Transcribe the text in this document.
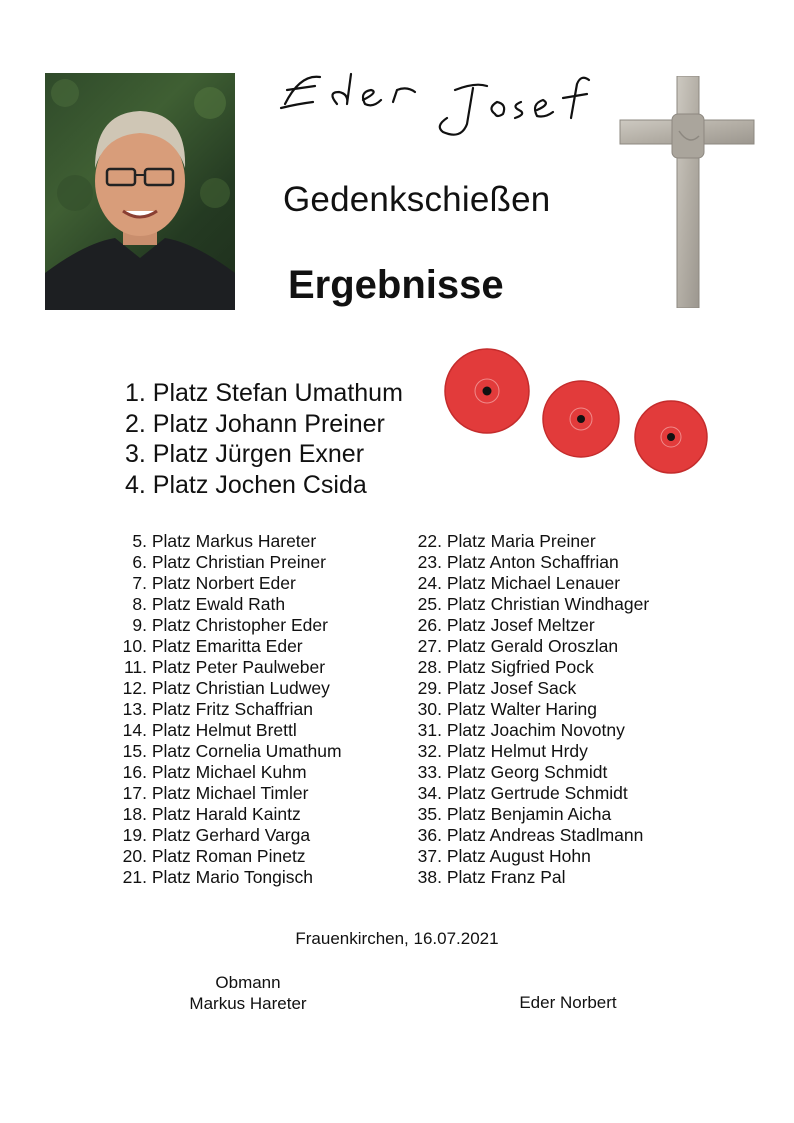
Gedenkschießen
Ergebnisse
1. Platz Stefan Umathum
2. Platz Johann Preiner
3. Platz Jürgen Exner
4. Platz Jochen Csida
5. Platz Markus Hareter
6. Platz Christian Preiner
7. Platz Norbert Eder
8. Platz Ewald Rath
9. Platz Christopher Eder
10. Platz Emaritta Eder
11. Platz Peter Paulweber
12. Platz Christian Ludwey
13. Platz Fritz Schaffrian
14. Platz Helmut Brettl
15. Platz Cornelia Umathum
16. Platz Michael Kuhm
17. Platz Michael Timler
18. Platz Harald Kaintz
19. Platz Gerhard Varga
20. Platz Roman Pinetz
21. Platz Mario Tongisch
22. Platz Maria Preiner
23. Platz Anton Schaffrian
24. Platz Michael Lenauer
25. Platz Christian Windhager
26. Platz Josef Meltzer
27. Platz Gerald Oroszlan
28. Platz Sigfried Pock
29. Platz Josef Sack
30. Platz Walter Haring
31. Platz Joachim Novotny
32. Platz Helmut Hrdy
33. Platz Georg Schmidt
34. Platz Gertrude Schmidt
35. Platz Benjamin Aicha
36. Platz Andreas Stadlmann
37. Platz August Hohn
38. Platz Franz Pal
Frauenkirchen, 16.07.2021
Obmann
Markus Hareter	Eder Norbert
